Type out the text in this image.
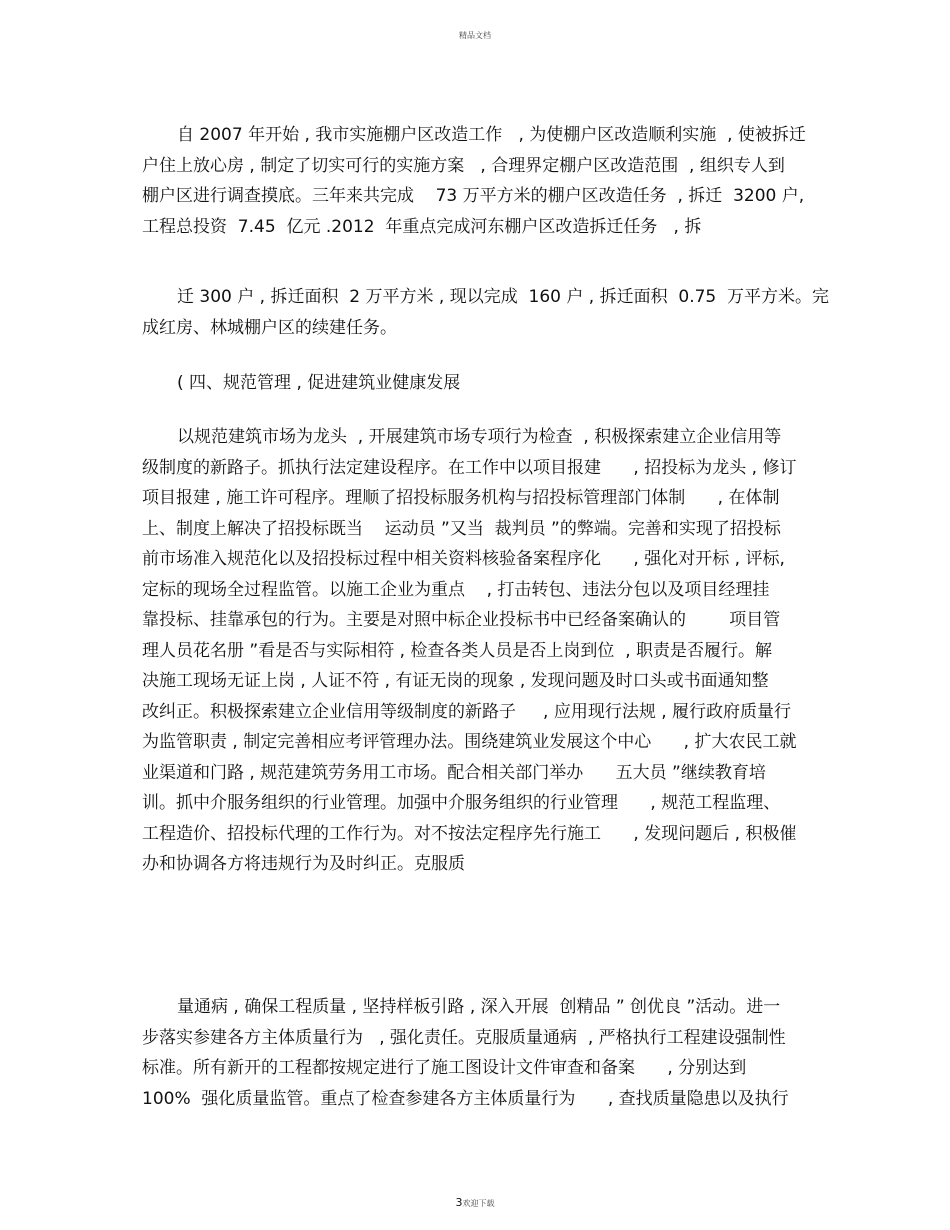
精品文档
自 2007 年开始 , 我市实施棚户区改造工作   , 为使棚户区改造顺利实施  , 使被拆迁
户住上放心房 , 制定了切实可行的实施方案   , 合理界定棚户区改造范围  , 组织专人到
棚户区进行调查摸底。三年来共完成    73 万平方米的棚户区改造任务  , 拆迁  3200 户,
工程总投资  7.45  亿元 .2012  年重点完成河东棚户区改造拆迁任务   , 拆
迁 300 户 , 拆迁面积  2 万平方米 , 现以完成  160 户 , 拆迁面积  0.75  万平方米。完
成红房、林城棚户区的续建任务。
( 四、规范管理 , 促进建筑业健康发展
以规范建筑市场为龙头  , 开展建筑市场专项行为检查  , 积极探索建立企业信用等
级制度的新路子。抓执行法定建设程序。在工作中以项目报建      , 招投标为龙头 , 修订
项目报建 , 施工许可程序。理顺了招投标服务机构与招投标管理部门体制      , 在体制
上、制度上解决了招投标既当    运动员 ”又当  裁判员 ”的弊端。完善和实现了招投标
前市场准入规范化以及招投标过程中相关资料核验备案程序化      , 强化对开标 , 评标,
定标的现场全过程监管。以施工企业为重点    , 打击转包、违法分包以及项目经理挂
靠投标、挂靠承包的行为。主要是对照中标企业投标书中已经备案确认的        项目管
理人员花名册 ”看是否与实际相符 , 检查各类人员是否上岗到位  , 职责是否履行。解
决施工现场无证上岗 , 人证不符 , 有证无岗的现象 , 发现问题及时口头或书面通知整
改纠正。积极探索建立企业信用等级制度的新路子     , 应用现行法规 , 履行政府质量行
为监管职责 , 制定完善相应考评管理办法。围绕建筑业发展这个中心      , 扩大农民工就
业渠道和门路 , 规范建筑劳务用工市场。配合相关部门举办      五大员 ”继续教育培
训。抓中介服务组织的行业管理。加强中介服务组织的行业管理      , 规范工程监理、
工程造价、招投标代理的工作行为。对不按法定程序先行施工      , 发现问题后 , 积极催
办和协调各方将违规行为及时纠正。克服质
量通病 , 确保工程质量 , 坚持样板引路 , 深入开展  创精品 ” 创优良 ”活动。进一
步落实参建各方主体质量行为   , 强化责任。克服质量通病  , 严格执行工程建设强制性
标准。所有新开的工程都按规定进行了施工图设计文件审查和备案      , 分别达到
100%  强化质量监管。重点了检查参建各方主体质量行为      , 查找质量隐患以及执行
3欢迎下载
